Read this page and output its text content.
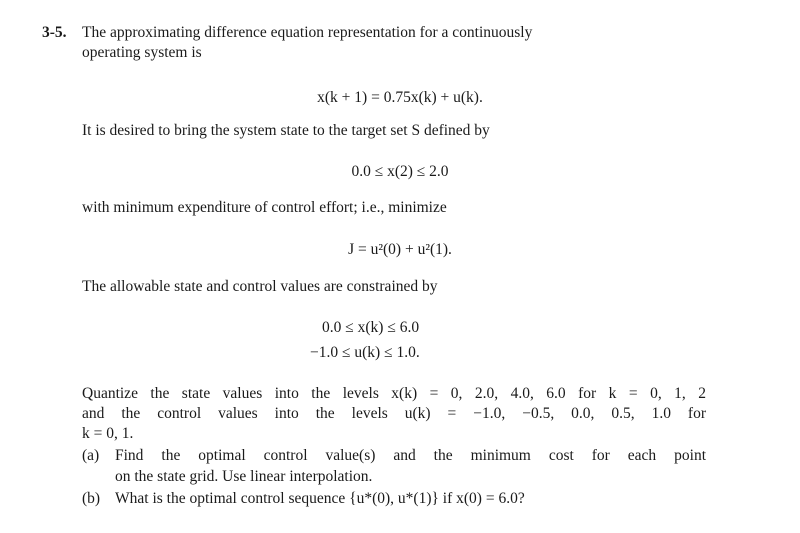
3-5. The approximating difference equation representation for a continuously
operating system is
x(k + 1) = 0.75x(k) + u(k).
It is desired to bring the system state to the target set S defined by
0.0 ≤ x(2) ≤ 2.0
with minimum expenditure of control effort; i.e., minimize
J = u²(0) + u²(1).
The allowable state and control values are constrained by
0.0 ≤ x(k) ≤ 6.0
−1.0 ≤ u(k) ≤ 1.0.
Quantize the state values into the levels x(k) = 0, 2.0, 4.0, 6.0 for k = 0, 1, 2
and the control values into the levels u(k) = −1.0, −0.5, 0.0, 0.5, 1.0 for
k = 0, 1.
(a) Find the optimal control value(s) and the minimum cost for each point
on the state grid. Use linear interpolation.
(b) What is the optimal control sequence {u*(0), u*(1)} if x(0) = 6.0?
